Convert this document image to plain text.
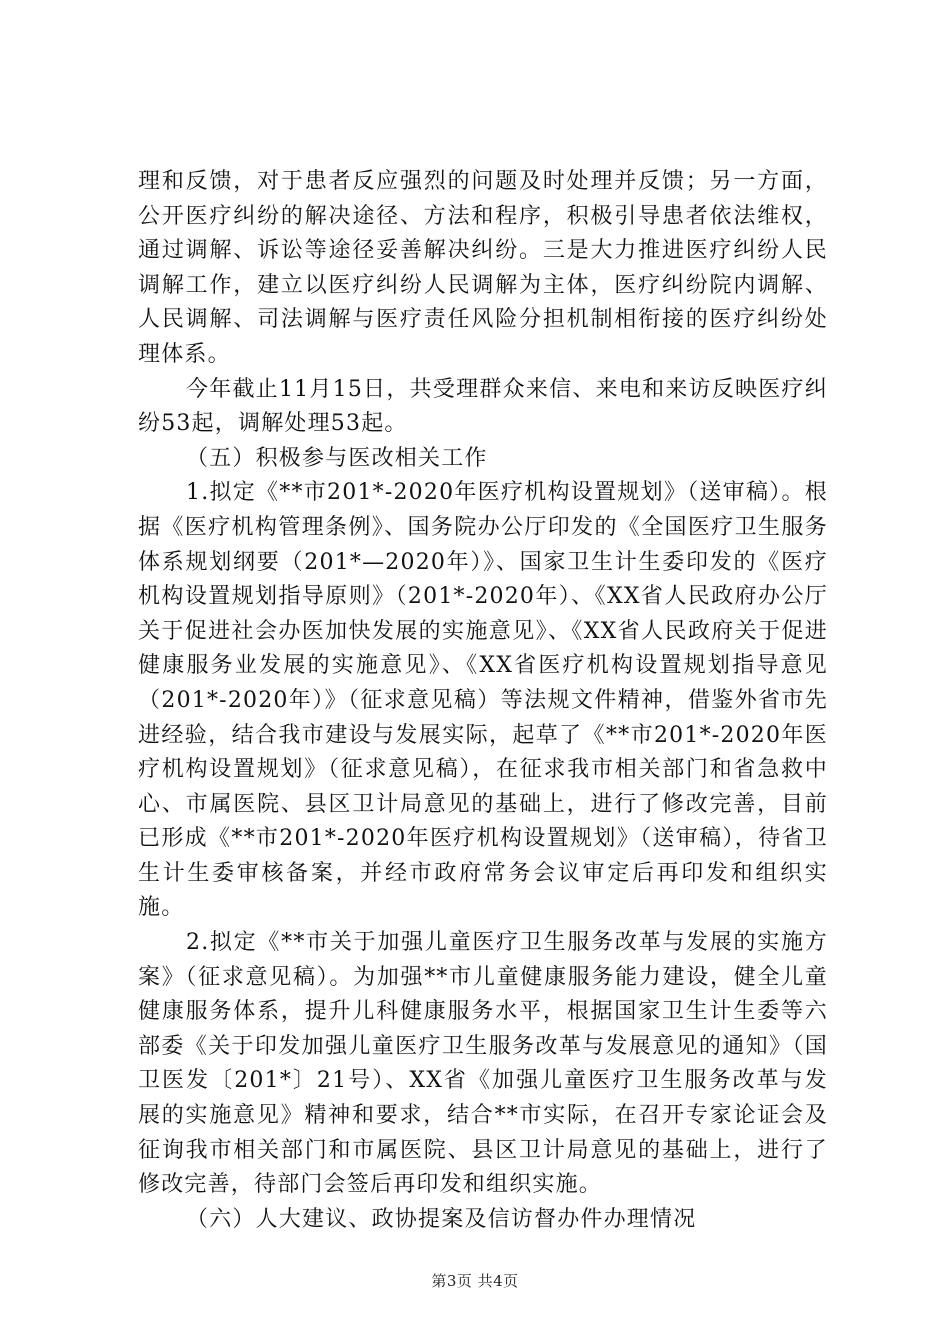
理和反馈，对于患者反应强烈的问题及时处理并反馈；另一方面，公开医疗纠纷的解决途径、方法和程序，积极引导患者依法维权，通过调解、诉讼等途径妥善解决纠纷。三是大力推进医疗纠纷人民调解工作，建立以医疗纠纷人民调解为主体，医疗纠纷院内调解、人民调解、司法调解与医疗责任风险分担机制相衔接的医疗纠纷处理体系。

今年截止11月15日，共受理群众来信、来电和来访反映医疗纠纷53起，调解处理53起。

（五）积极参与医改相关工作

1.拟定《**市201*-2020年医疗机构设置规划》（送审稿）。根据《医疗机构管理条例》、国务院办公厅印发的《全国医疗卫生服务体系规划纲要（201*—2020年）》、国家卫生计生委印发的《医疗机构设置规划指导原则》（201*-2020年）、《XX省人民政府办公厅关于促进社会办医加快发展的实施意见》、《XX省人民政府关于促进健康服务业发展的实施意见》、《XX省医疗机构设置规划指导意见（201*-2020年）》（征求意见稿）等法规文件精神，借鉴外省市先进经验，结合我市建设与发展实际，起草了《**市201*-2020年医疗机构设置规划》（征求意见稿），在征求我市相关部门和省急救中心、市属医院、县区卫计局意见的基础上，进行了修改完善，目前已形成《**市201*-2020年医疗机构设置规划》（送审稿），待省卫生计生委审核备案，并经市政府常务会议审定后再印发和组织实施。

2.拟定《**市关于加强儿童医疗卫生服务改革与发展的实施方案》（征求意见稿）。为加强**市儿童健康服务能力建设，健全儿童健康服务体系，提升儿科健康服务水平，根据国家卫生计生委等六部委《关于印发加强儿童医疗卫生服务改革与发展意见的通知》（国卫医发〔201*〕21号）、XX省《加强儿童医疗卫生服务改革与发展的实施意见》精神和要求，结合**市实际，在召开专家论证会及征询我市相关部门和市属医院、县区卫计局意见的基础上，进行了修改完善，待部门会签后再印发和组织实施。

（六）人大建议、政协提案及信访督办件办理情况

第3页 共4页
